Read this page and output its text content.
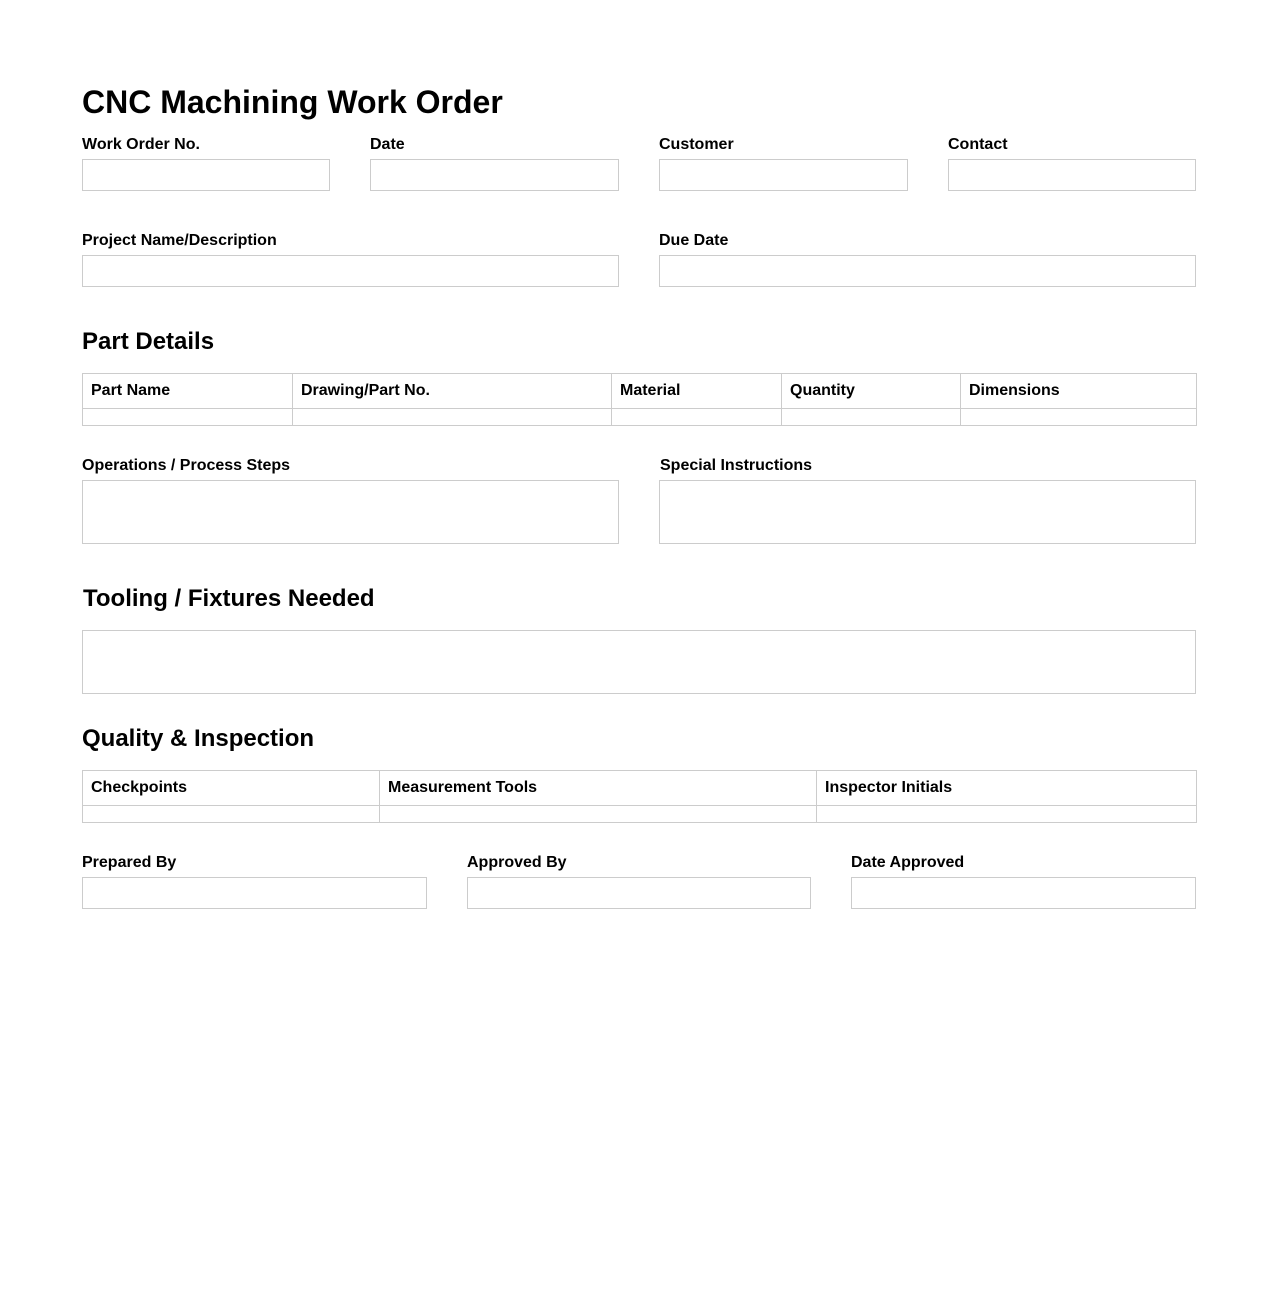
CNC Machining Work Order
Work Order No.	Date	Customer	Contact
Project Name/Description	Due Date
Part Details
Part Name	Drawing/Part No.	Material	Quantity	Dimensions

Operations / Process Steps	Special Instructions
Tooling / Fixtures Needed
Quality & Inspection
Checkpoints	Measurement Tools	Inspector Initials

Prepared By	Approved By	Date Approved
